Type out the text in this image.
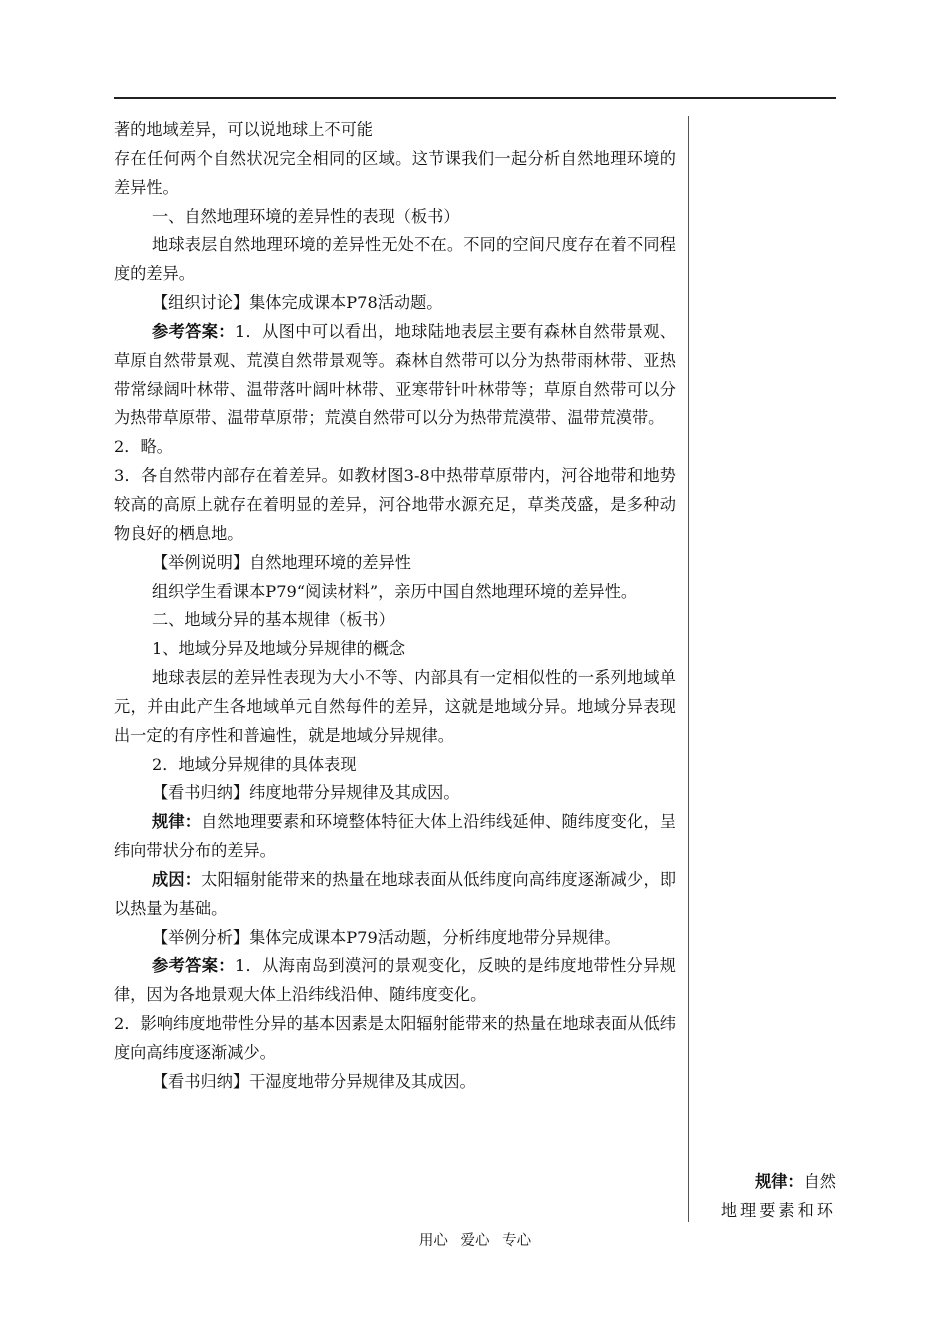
著的地域差异，可以说地球上不可能

存在任何两个自然状况完全相同的区域。这节课我们一起分析自然地理环境的差异性。

一、自然地理环境的差异性的表现（板书）

地球表层自然地理环境的差异性无处不在。不同的空间尺度存在着不同程度的差异。

【组织讨论】集体完成课本P78活动题。

参考答案：1．从图中可以看出，地球陆地表层主要有森林自然带景观、草原自然带景观、荒漠自然带景观等。森林自然带可以分为热带雨林带、亚热带常绿阔叶林带、温带落叶阔叶林带、亚寒带针叶林带等；草原自然带可以分为热带草原带、温带草原带；荒漠自然带可以分为热带荒漠带、温带荒漠带。

2．略。

3．各自然带内部存在着差异。如教材图3-8中热带草原带内，河谷地带和地势较高的高原上就存在着明显的差异，河谷地带水源充足，草类茂盛，是多种动物良好的栖息地。

【举例说明】自然地理环境的差异性

组织学生看课本P79“阅读材料”，亲历中国自然地理环境的差异性。

二、地域分异的基本规律（板书）

1、地域分异及地域分异规律的概念

地球表层的差异性表现为大小不等、内部具有一定相似性的一系列地域单元，并由此产生各地域单元自然每件的差异，这就是地域分异。地域分异表现出一定的有序性和普遍性，就是地域分异规律。

2．地域分异规律的具体表现

【看书归纳】纬度地带分异规律及其成因。

规律：自然地理要素和环境整体特征大体上沿纬线延伸、随纬度变化，呈纬向带状分布的差异。

成因：太阳辐射能带来的热量在地球表面从低纬度向高纬度逐渐减少，即以热量为基础。

【举例分析】集体完成课本P79活动题，分析纬度地带分异规律。

参考答案：1．从海南岛到漠河的景观变化，反映的是纬度地带性分异规律，因为各地景观大体上沿纬线沿伸、随纬度变化。

2．影响纬度地带性分异的基本因素是太阳辐射能带来的热量在地球表面从低纬度向高纬度逐渐减少。

【看书归纳】干湿度地带分异规律及其成因。

规律：自然

地理要素和环

用心 爱心 专心
